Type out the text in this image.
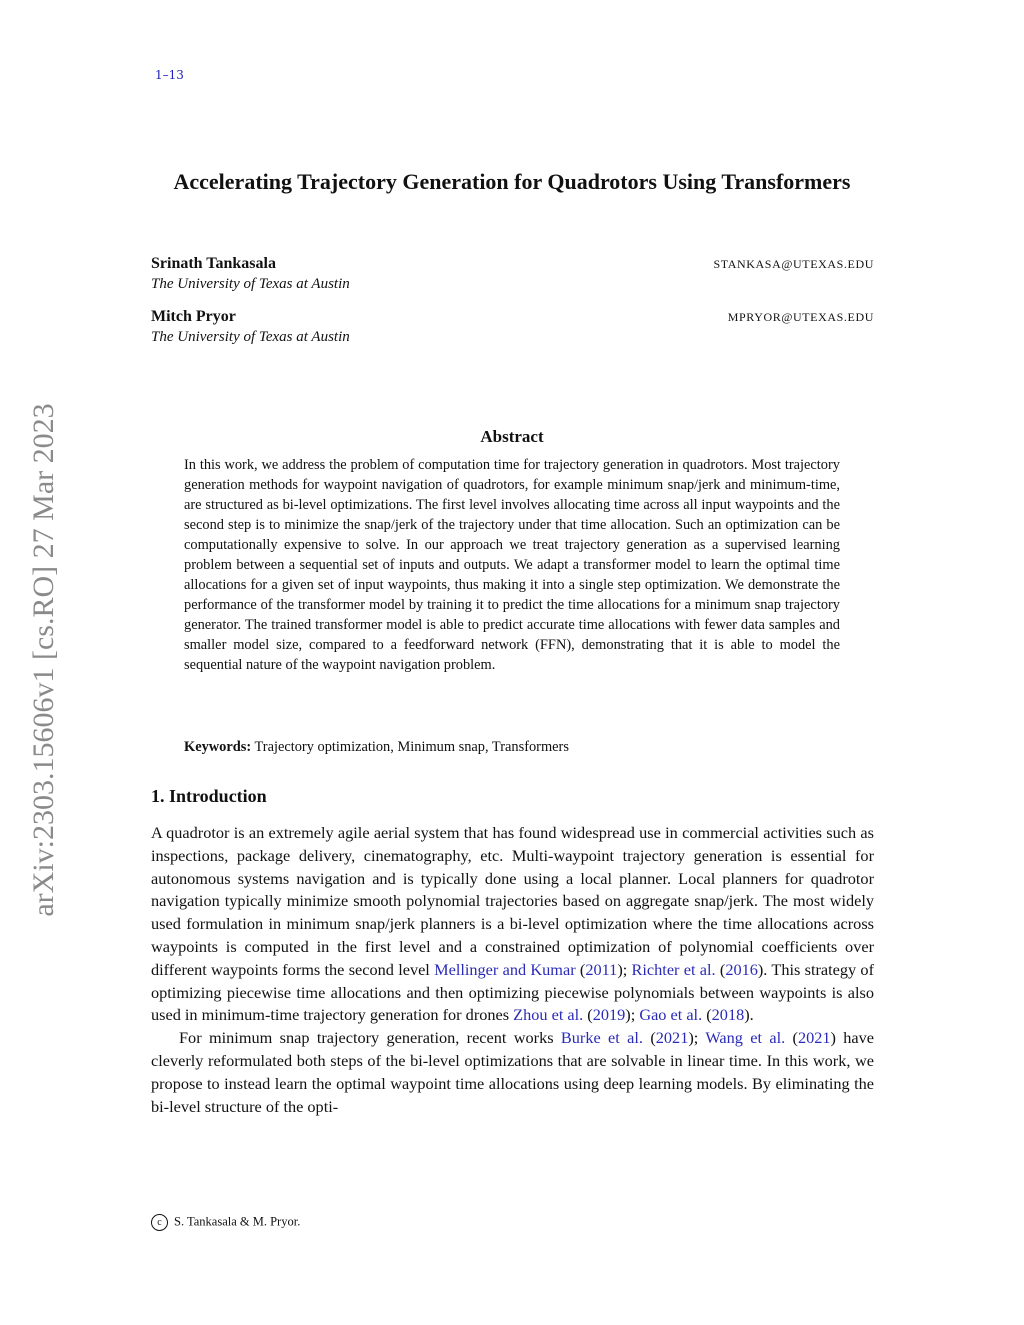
1–13
arXiv:2303.15606v1 [cs.RO] 27 Mar 2023
Accelerating Trajectory Generation for Quadrotors Using Transformers
Srinath Tankasala	STANKASA@UTEXAS.EDU
The University of Texas at Austin
Mitch Pryor	MPRYOR@UTEXAS.EDU
The University of Texas at Austin
Abstract
In this work, we address the problem of computation time for trajectory generation in quadrotors. Most trajectory generation methods for waypoint navigation of quadrotors, for example minimum snap/jerk and minimum-time, are structured as bi-level optimizations. The first level involves allocating time across all input waypoints and the second step is to minimize the snap/jerk of the trajectory under that time allocation. Such an optimization can be computationally expensive to solve. In our approach we treat trajectory generation as a supervised learning problem between a sequential set of inputs and outputs. We adapt a transformer model to learn the optimal time allocations for a given set of input waypoints, thus making it into a single step optimization. We demonstrate the performance of the transformer model by training it to predict the time allocations for a minimum snap trajectory generator. The trained transformer model is able to predict accurate time allocations with fewer data samples and smaller model size, compared to a feedforward network (FFN), demonstrating that it is able to model the sequential nature of the waypoint navigation problem.
Keywords: Trajectory optimization, Minimum snap, Transformers
1. Introduction

A quadrotor is an extremely agile aerial system that has found widespread use in commercial activities such as inspections, package delivery, cinematography, etc. Multi-waypoint trajectory generation is essential for autonomous systems navigation and is typically done using a local planner. Local planners for quadrotor navigation typically minimize smooth polynomial trajectories based on aggregate snap/jerk. The most widely used formulation in minimum snap/jerk planners is a bi-level optimization where the time allocations across waypoints is computed in the first level and a constrained optimization of polynomial coefficients over different waypoints forms the second level Mellinger and Kumar (2011); Richter et al. (2016). This strategy of optimizing piecewise time allocations and then optimizing piecewise polynomials between waypoints is also used in minimum-time trajectory generation for drones Zhou et al. (2019); Gao et al. (2018).

For minimum snap trajectory generation, recent works Burke et al. (2021); Wang et al. (2021) have cleverly reformulated both steps of the bi-level optimizations that are solvable in linear time. In this work, we propose to instead learn the optimal waypoint time allocations using deep learning models. By eliminating the bi-level structure of the opti-

c S. Tankasala & M. Pryor.
